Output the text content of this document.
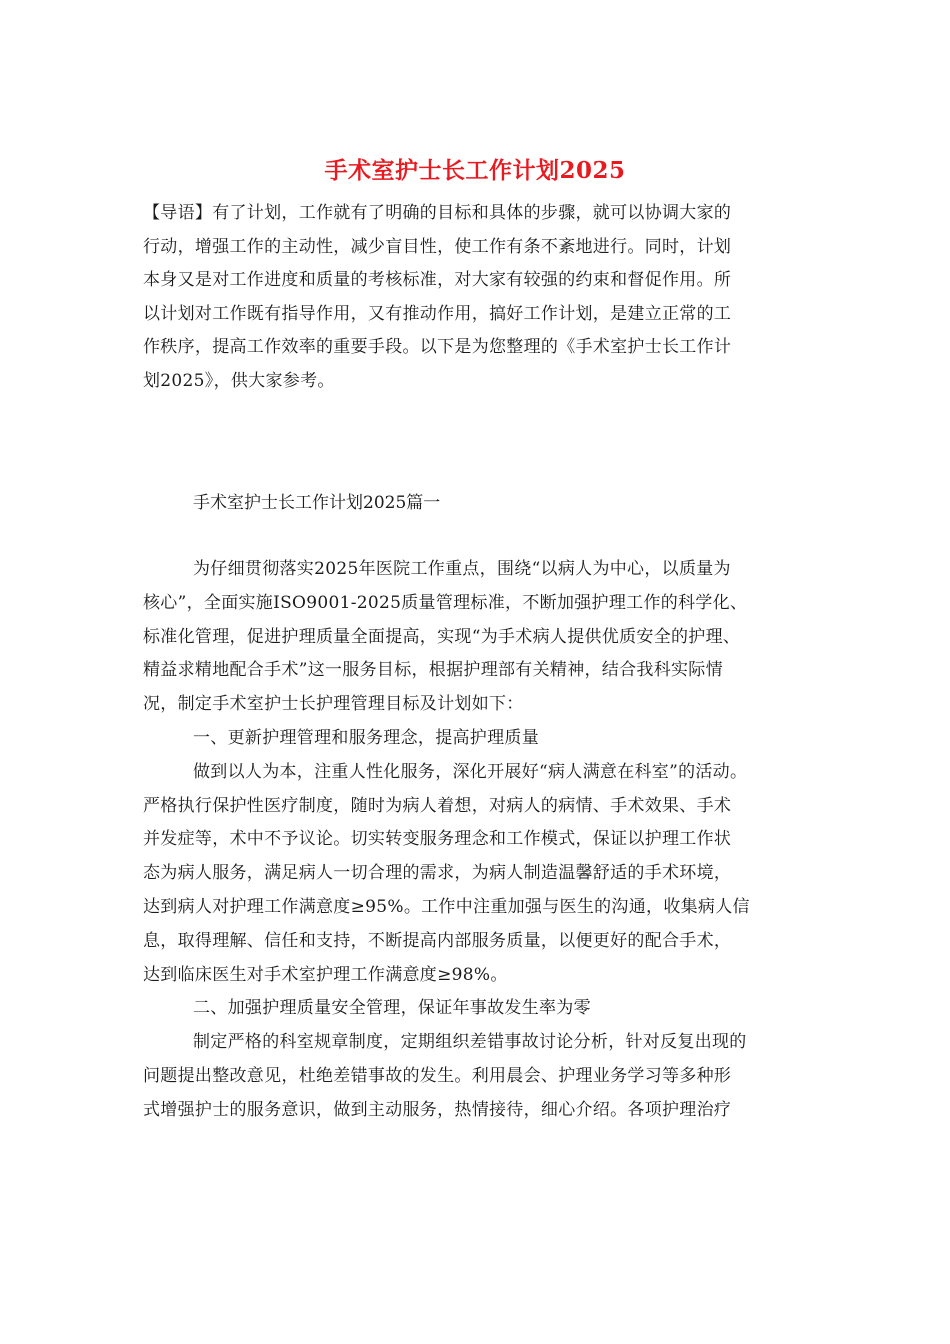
手术室护士长工作计划2025
【导语】有了计划，工作就有了明确的目标和具体的步骤，就可以协调大家的
行动，增强工作的主动性，减少盲目性，使工作有条不紊地进行。同时，计划
本身又是对工作进度和质量的考核标准，对大家有较强的约束和督促作用。所
以计划对工作既有指导作用，又有推动作用，搞好工作计划，是建立正常的工
作秩序，提高工作效率的重要手段。以下是为您整理的《手术室护士长工作计
划2025》，供大家参考。
手术室护士长工作计划2025篇一
为仔细贯彻落实2025年医院工作重点，围绕“以病人为中心，以质量为
核心”，全面实施ISO9001-2025质量管理标准，不断加强护理工作的科学化、
标准化管理，促进护理质量全面提高，实现“为手术病人提供优质安全的护理、
精益求精地配合手术”这一服务目标，根据护理部有关精神，结合我科实际情
况，制定手术室护士长护理管理目标及计划如下：
一、更新护理管理和服务理念，提高护理质量
做到以人为本，注重人性化服务，深化开展好“病人满意在科室”的活动。
严格执行保护性医疗制度，随时为病人着想，对病人的病情、手术效果、手术
并发症等，术中不予议论。切实转变服务理念和工作模式，保证以护理工作状
态为病人服务，满足病人一切合理的需求，为病人制造温馨舒适的手术环境，
达到病人对护理工作满意度≥95%。工作中注重加强与医生的沟通，收集病人信
息，取得理解、信任和支持，不断提高内部服务质量，以便更好的配合手术，
达到临床医生对手术室护理工作满意度≥98%。
二、加强护理质量安全管理，保证年事故发生率为零
制定严格的科室规章制度，定期组织差错事故讨论分析，针对反复出现的
问题提出整改意见，杜绝差错事故的发生。利用晨会、护理业务学习等多种形
式增强护士的服务意识，做到主动服务，热情接待，细心介绍。各项护理治疗
